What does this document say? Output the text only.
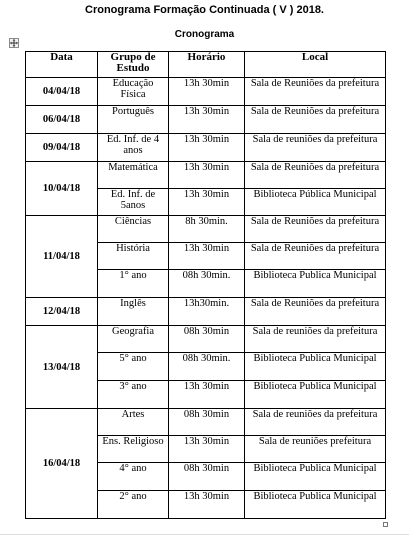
Cronograma Formação Continuada ( V ) 2018.
Cronograma
Data	Grupo de Estudo	Horário	Local
04/04/18	Educação Física	13h 30min	Sala de Reuniões da prefeitura
06/04/18	Português	13h 30min	Sala de Reuniões da prefeitura
09/04/18	Ed. Inf. de 4 anos	13h 30min	Sala de reuniões da prefeitura
10/04/18	Matemática	13h 30min	Sala de Reuniões da prefeitura
	Ed. Inf. de 5anos	13h 30min	Biblioteca Pública Municipal
11/04/18	Ciências	8h 30min.	Sala de Reuniões da prefeitura
	História	13h 30min	Sala de Reuniões da prefeitura
	1° ano	08h 30min.	Biblioteca Publica Municipal
12/04/18	Inglês	13h30min.	Sala de Reuniões da prefeitura
13/04/18	Geografia	08h 30min	Sala de reuniões da prefeitura
	5° ano	08h 30min.	Biblioteca Publica Municipal
	3° ano	13h 30min	Biblioteca Publica Municipal
16/04/18	Artes	08h 30min	Sala de reuniões da prefeitura
	Ens. Religioso	13h 30min	Sala de reuniões prefeitura
	4° ano	08h 30min	Biblioteca Publica Municipal
	2° ano	13h 30min	Biblioteca Publica Municipal
